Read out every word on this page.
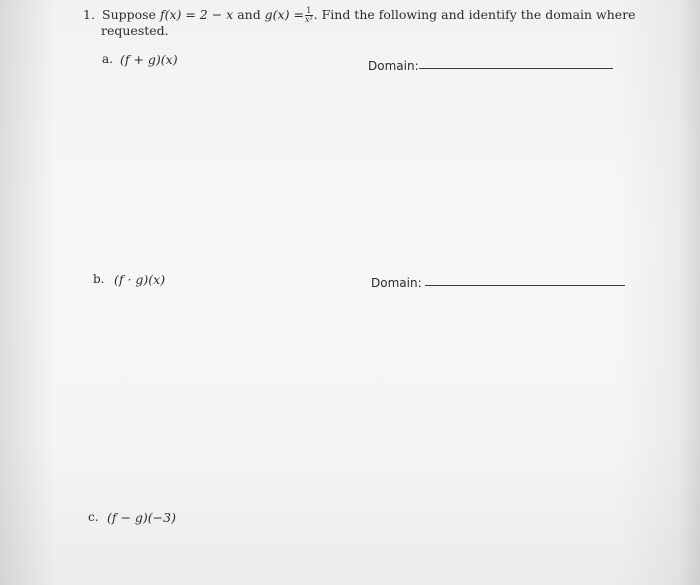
1. Suppose f(x) = 2 − x and $g(x) = \frac{1}{\text{x²}}$ . Find the following and identify the domain where
requested.
a. (f + g)(x)	Domain:
b. (f · g)(x)	Domain:
c. (f − g)(−3)
